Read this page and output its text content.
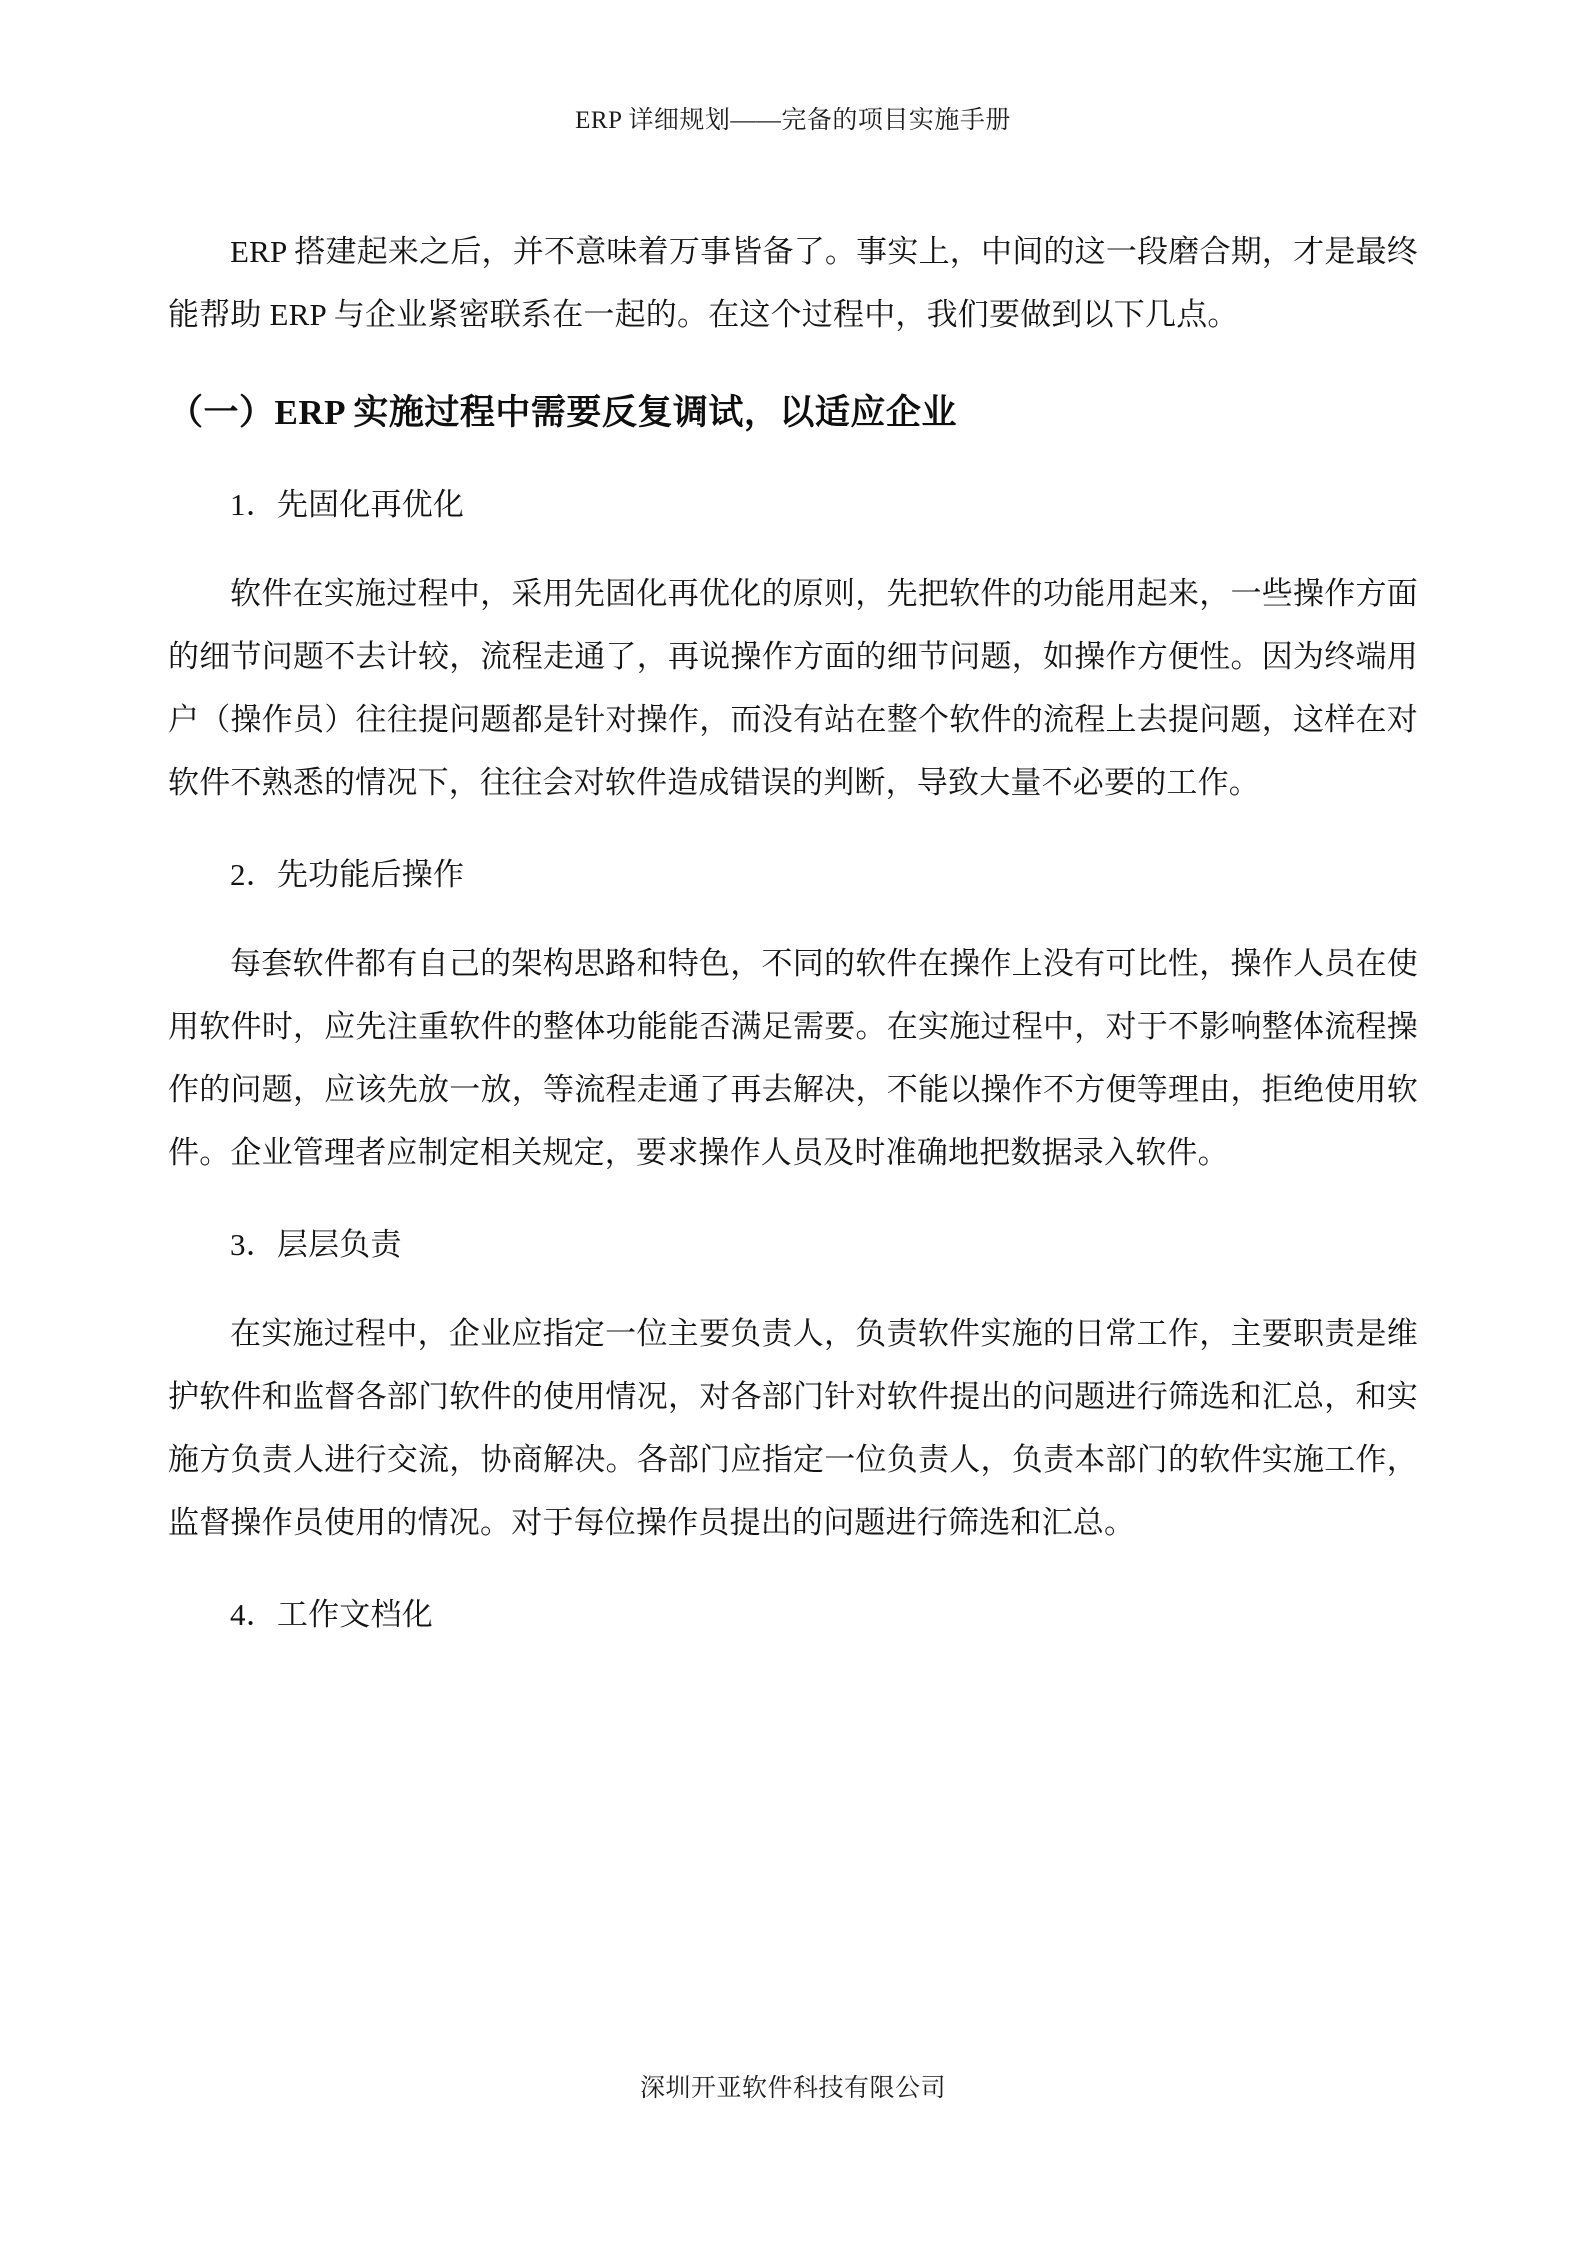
ERP 详细规划——完备的项目实施手册

ERP 搭建起来之后，并不意味着万事皆备了。事实上，中间的这一段磨合期，才是最终能帮助 ERP 与企业紧密联系在一起的。在这个过程中，我们要做到以下几点。

（一）ERP 实施过程中需要反复调试，以适应企业
1．先固化再优化

软件在实施过程中，采用先固化再优化的原则，先把软件的功能用起来，一些操作方面的细节问题不去计较，流程走通了，再说操作方面的细节问题，如操作方便性。因为终端用户（操作员）往往提问题都是针对操作，而没有站在整个软件的流程上去提问题，这样在对软件不熟悉的情况下，往往会对软件造成错误的判断，导致大量不必要的工作。

2．先功能后操作

每套软件都有自己的架构思路和特色，不同的软件在操作上没有可比性，操作人员在使用软件时，应先注重软件的整体功能能否满足需要。在实施过程中，对于不影响整体流程操作的问题，应该先放一放，等流程走通了再去解决，不能以操作不方便等理由，拒绝使用软件。企业管理者应制定相关规定，要求操作人员及时准确地把数据录入软件。

3．层层负责

在实施过程中，企业应指定一位主要负责人，负责软件实施的日常工作，主要职责是维护软件和监督各部门软件的使用情况，对各部门针对软件提出的问题进行筛选和汇总，和实施方负责人进行交流，协商解决。各部门应指定一位负责人，负责本部门的软件实施工作，监督操作员使用的情况。对于每位操作员提出的问题进行筛选和汇总。

4．工作文档化
深圳开亚软件科技有限公司
